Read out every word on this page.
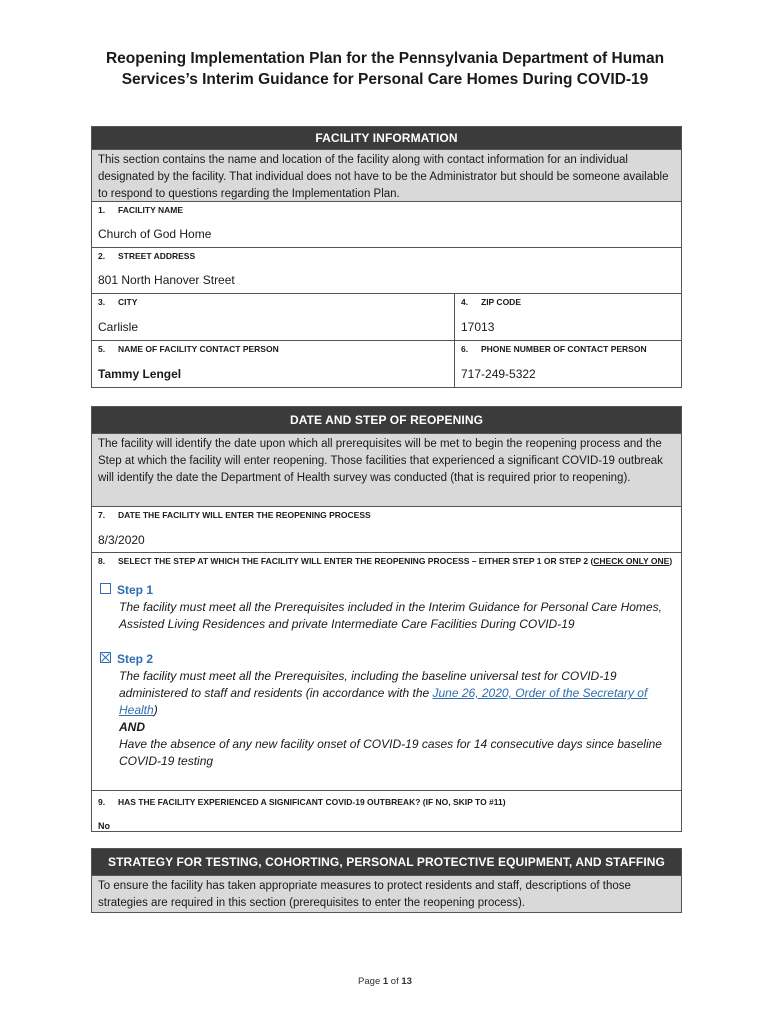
Reopening Implementation Plan for the Pennsylvania Department of Human
Services’s Interim Guidance for Personal Care Homes During COVID-19
FACILITY INFORMATION
This section contains the name and location of the facility along with contact information for an individual designated by the facility. That individual does not have to be the Administrator but should be someone available to respond to questions regarding the Implementation Plan.
1. FACILITY NAME
Church of God Home
2. STREET ADDRESS
801 North Hanover Street
3. CITY
Carlisle
4. ZIP CODE
17013
5. NAME OF FACILITY CONTACT PERSON
Tammy Lengel
6. PHONE NUMBER OF CONTACT PERSON
717-249-5322
DATE AND STEP OF REOPENING
The facility will identify the date upon which all prerequisites will be met to begin the reopening process and the Step at which the facility will enter reopening. Those facilities that experienced a significant COVID-19 outbreak will identify the date the Department of Health survey was conducted (that is required prior to reopening).
7. DATE THE FACILITY WILL ENTER THE REOPENING PROCESS
8/3/2020
8.	SELECT THE STEP AT WHICH THE FACILITY WILL ENTER THE REOPENING PROCESS – EITHER STEP 1 OR STEP 2 (CHECK ONLY ONE)
Step 1
The facility must meet all the Prerequisites included in the Interim Guidance for Personal Care Homes, Assisted Living Residences and private Intermediate Care Facilities During COVID-19
Step 2
The facility must meet all the Prerequisites, including the baseline universal test for COVID-19 administered to staff and residents (in accordance with the June 26, 2020, Order of the Secretary of Health)
AND
Have the absence of any new facility onset of COVID-19 cases for 14 consecutive days since baseline COVID-19 testing
9. HAS THE FACILITY EXPERIENCED A SIGNIFICANT COVID-19 OUTBREAK? (IF NO, SKIP TO #11)
No
STRATEGY FOR TESTING, COHORTING, PERSONAL PROTECTIVE EQUIPMENT, AND STAFFING
To ensure the facility has taken appropriate measures to protect residents and staff, descriptions of those strategies are required in this section (prerequisites to enter the reopening process).
Page 1 of 13
